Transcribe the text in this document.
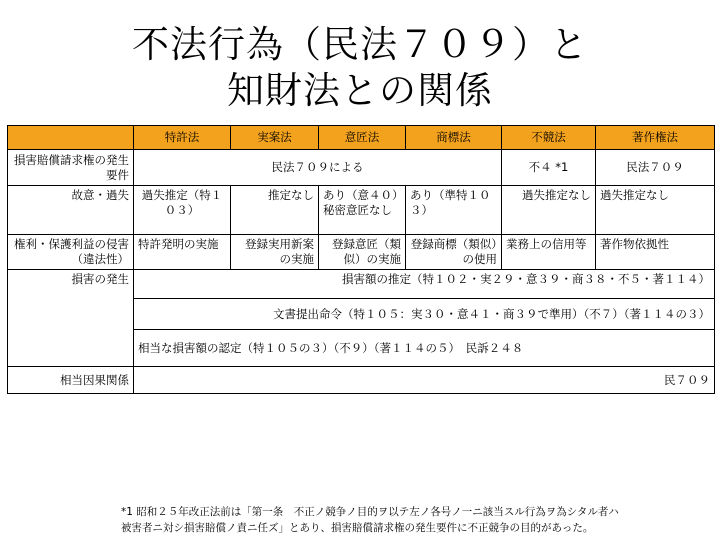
不法行為（民法７０９）と
知財法との関係
	特許法	実案法	意匠法	商標法	不競法	著作権法
損害賠償請求権の発生要件	民法７０９による				不４ *1	民法７０９
故意・過失	過失推定（特１０３）	推定なし	あり（意４０）秘密意匠なし	あり（準特１０３）	過失推定なし	過失推定なし
権利・保護利益の侵害（違法性）	特許発明の実施	登録実用新案の実施	登録意匠（類似）の実施	登録商標（類似）の使用	業務上の信用等	著作物依拠性
損害の発生	損害額の推定（特１０２・実２９・意３９・商３８・不５・著１１４）					
	文書提出命令（特１０５：実３０・意４１・商３９で準用）（不７）（著１１４の３）					
	相当な損害額の認定（特１０５の３）（不９）（著１１４の５）　民訴２４８					
相当因果関係	民７０９					
*1 昭和２５年改正法前は「第一条　不正ノ競争ノ目的ヲ以テ左ノ各号ノ一ニ該当スル行為ヲ為シタル者ハ
被害者ニ対シ損害賠償ノ責ニ任ズ」とあり、損害賠償請求権の発生要件に不正競争の目的があった。
